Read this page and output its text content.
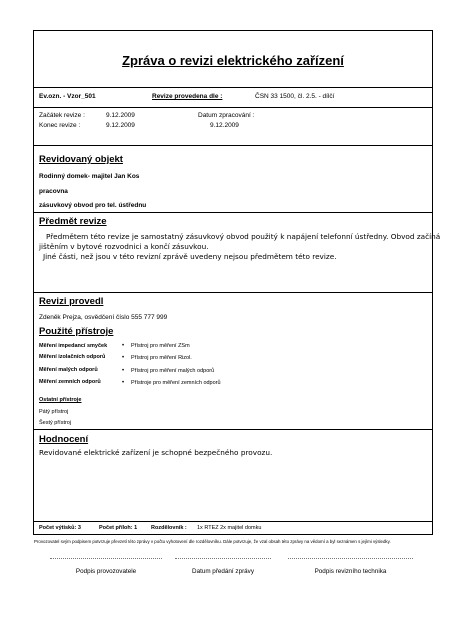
Zpráva o revizi elektrického zařízení
Ev.ozn. - Vzor_501	Revize provedena dle :	ČSN 33 1500, čl. 2.5. - dílčí
Začátek revize :	9.12.2009
Konec revize :	9.12.2009
Datum zpracování :
9.12.2009
Revidovaný objekt
Rodinný domek- majitel Jan Kos
pracovna
zásuvkový obvod pro tel. ústřednu
Předmět revize
Předmětem této revize je samostatný zásuvkový obvod použitý k napájení telefonní ústředny. Obvod začíná
jištěním v bytové rozvodnici a končí zásuvkou.
Jiné části, než jsou v této revizní zprávě uvedeny nejsou předmětem této revize.
Revizi provedl
Zdeněk Prejza, osvědčení číslo 555 777 999
Použité přístroje
Měření impedancí smyček • Přístroj pro měření ZSm
Měření izolačních odporů	• Přístroj pro měření Rizol.
Měření malých odporů	• Přístroj pro měření malých odporů
Měření zemních odporů	• Přístroje pro měření zemních odporů
Ostatní přístroje
Pátý přístroj
Šestý přístroj
Hodnocení
Revidované elektrické zařízení je schopné bezpečného provozu.
Počet výtisků: 3	Počet příloh: 1	Rozdělovník : 1x RTEZ 2x majitel domku
Provozovatel svým podpisem potvrzuje převzetí této zprávy v počtu vyhotovení dle rozdělovníku. Dále potvrzuje, že vzal obsah této zprávy na vědomí a byl seznámen s jejími výsledky.
Podpis provozovatele	Datum předání zprávy	Podpis revizního technika
